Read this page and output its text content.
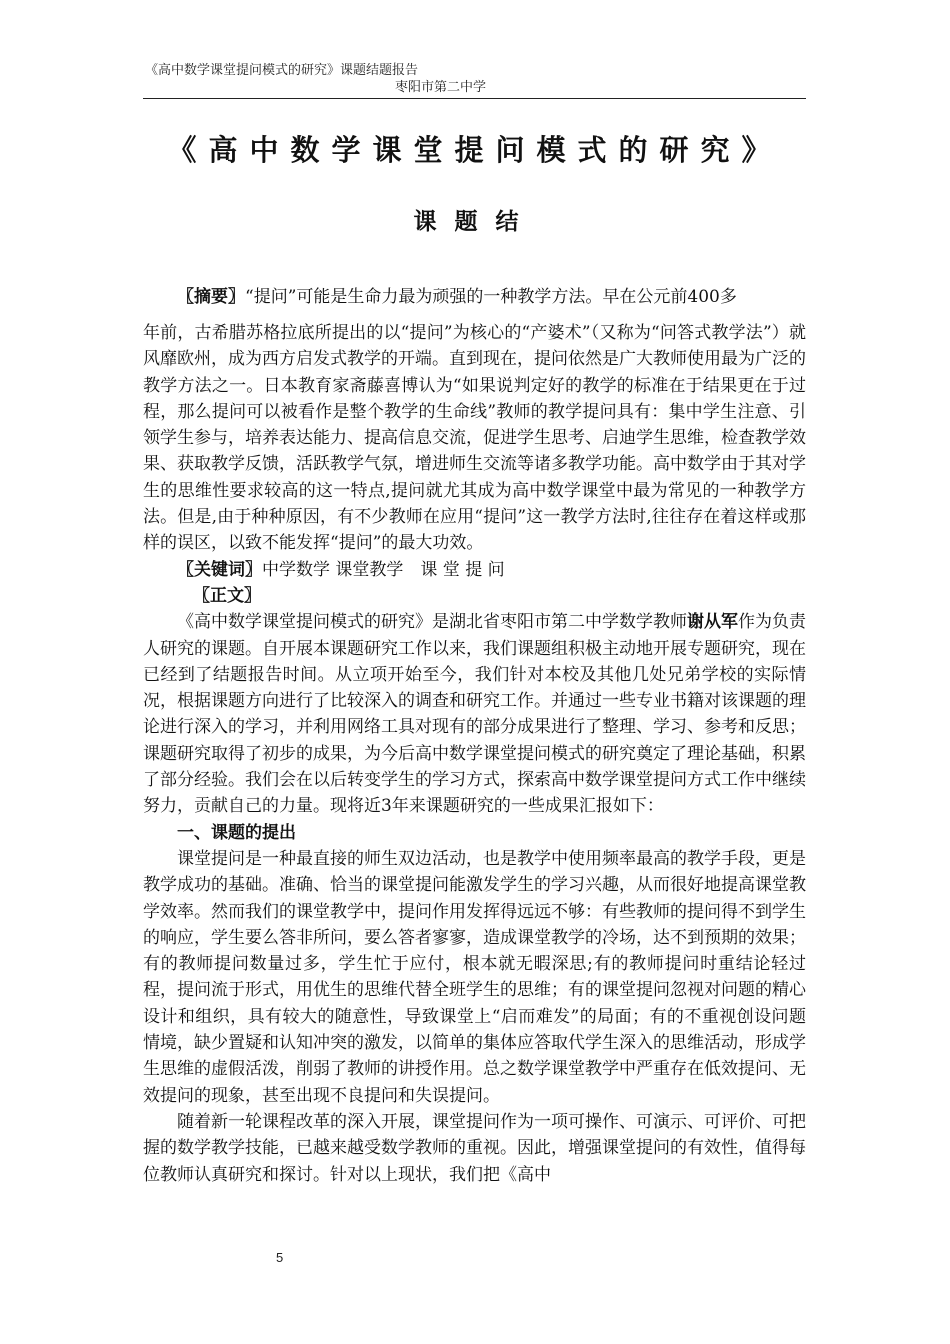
《高中数学课堂提问模式的研究》课题结题报告
枣阳市第二中学
《高中数学课堂提问模式的研究》
课题结

〖摘要〗“提问”可能是生命力最为顽强的一种教学方法。早在公元前400多

年前，古希腊苏格拉底所提出的以“提问”为核心的“产婆术”（又称为“问答式教学法”）就风靡欧州，成为西方启发式教学的开端。直到现在，提问依然是广大教师使用最为广泛的教学方法之一。日本教育家斋藤喜博认为“如果说判定好的教学的标准在于结果更在于过程，那么提问可以被看作是整个教学的生命线”教师的教学提问具有：集中学生注意、引领学生参与，培养表达能力、提高信息交流，促进学生思考、启迪学生思维，检查教学效果、获取教学反馈，活跃教学气氛，增进师生交流等诸多教学功能。高中数学由于其对学生的思维性要求较高的这一特点,提问就尤其成为高中数学课堂中最为常见的一种教学方法。但是,由于种种原因，有不少教师在应用“提问”这一教学方法时,往往存在着这样或那样的误区，以致不能发挥“提问”的最大功效。

〖关键词〗中学数学 课堂教学　课 堂 提 问

〖正文〗

《高中数学课堂提问模式的研究》是湖北省枣阳市第二中学数学教师谢从军作为负责人研究的课题。自开展本课题研究工作以来，我们课题组积极主动地开展专题研究，现在已经到了结题报告时间。从立项开始至今，我们针对本校及其他几处兄弟学校的实际情况，根据课题方向进行了比较深入的调查和研究工作。并通过一些专业书籍对该课题的理论进行深入的学习，并利用网络工具对现有的部分成果进行了整理、学习、参考和反思；课题研究取得了初步的成果，为今后高中数学课堂提问模式的研究奠定了理论基础，积累了部分经验。我们会在以后转变学生的学习方式，探索高中数学课堂提问方式工作中继续努力，贡献自己的力量。现将近3年来课题研究的一些成果汇报如下：

一、课题的提出

课堂提问是一种最直接的师生双边活动，也是教学中使用频率最高的教学手段，更是教学成功的基础。准确、恰当的课堂提问能激发学生的学习兴趣，从而很好地提高课堂教学效率。然而我们的课堂教学中，提问作用发挥得远远不够：有些教师的提问得不到学生的响应，学生要么答非所问，要么答者寥寥，造成课堂教学的冷场，达不到预期的效果；有的教师提问数量过多，学生忙于应付，根本就无暇深思;有的教师提问时重结论轻过程，提问流于形式，用优生的思维代替全班学生的思维；有的课堂提问忽视对问题的精心设计和组织，具有较大的随意性，导致课堂上“启而难发”的局面；有的不重视创设问题情境，缺少置疑和认知冲突的激发，以简单的集体应答取代学生深入的思维活动，形成学生思维的虚假活泼，削弱了教师的讲授作用。总之数学课堂教学中严重存在低效提问、无效提问的现象，甚至出现不良提问和失误提问。

随着新一轮课程改革的深入开展，课堂提问作为一项可操作、可演示、可评价、可把握的数学教学技能，已越来越受数学教师的重视。因此，增强课堂提问的有效性，值得每位教师认真研究和探讨。针对以上现状，我们把《高中

5
